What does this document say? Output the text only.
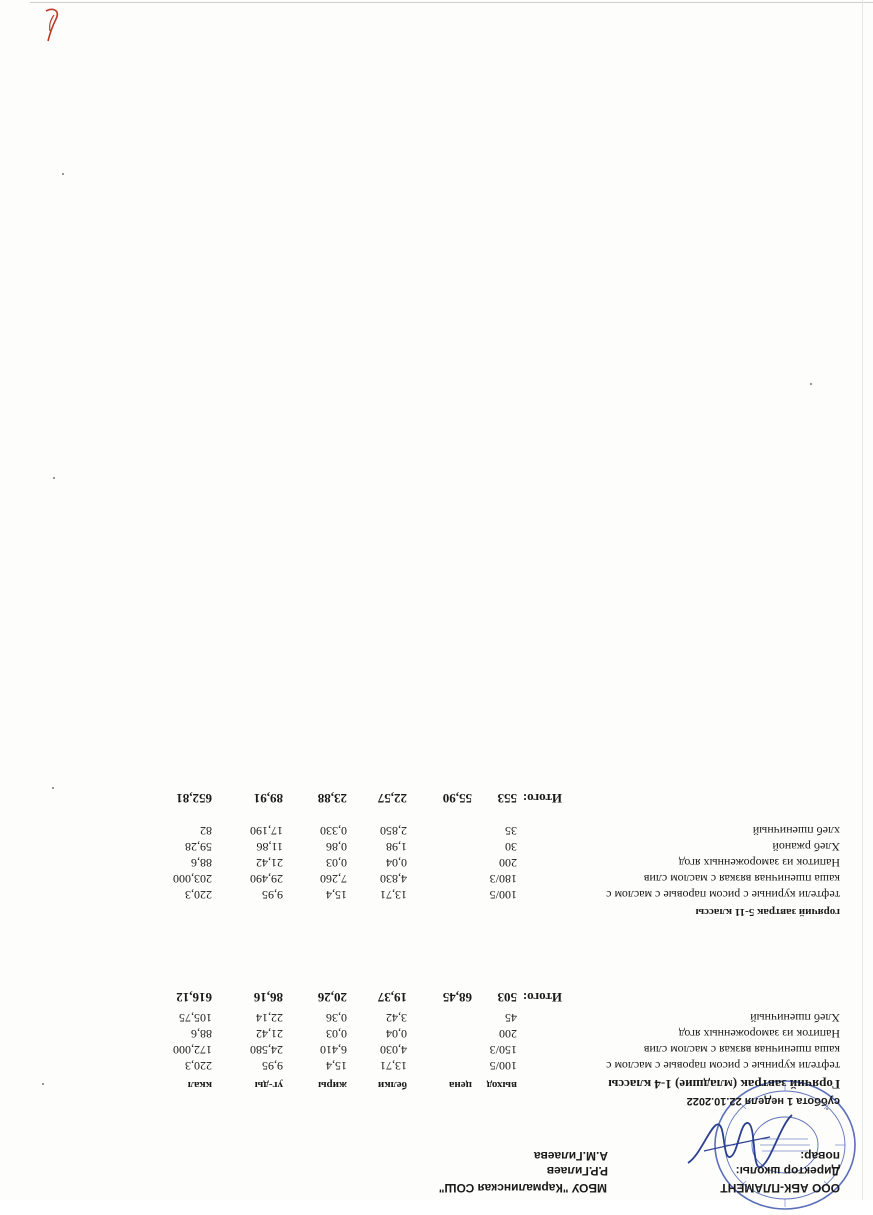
ООО АБК-ПЛАМЕНТ МБОУ "Кармалинская СОШ"
Директор школы:Р.Р.Гилаев
повар:А.М.Гилаева
суббота 1 неделя 22.10.2022
Горячий завтрак (младшие) 1-4 классы
выход
цена
белки
жиры
уг-ды
ккал
тефтели куриные с рисом паровые с маслом с
100/5
13,71
15,4
9,95
220,3
каша пшеничная вязкая с маслом слив
150/3
4,030
6,410
24,580
172,000
Напиток из замороженных ягод
200
0,04
0,03
21,42
88,6
Хлеб пшеничный
45
3,42
0,36
22,14
105,75
Итого:
503
68,45
19,37
20,26
86,16
616,12
горячий завтрак 5-11 классы
тефтели куриные с рисом паровые с маслом с
100/5
13,71
15,4
9,95
220,3
каша пшеничная вязкая с маслом слив
180/3
4,830
7,260
29,490
203,000
Напиток из замороженных ягод
200
0,04
0,03
21,42
88,6
Хлеб ржаной
30
1,98
0,86
11,86
59,28
хлеб пшеничный
35
2,850
0,330
17,190
82
Итого:
553
55,90
22,57
23,88
89,91
652,81
